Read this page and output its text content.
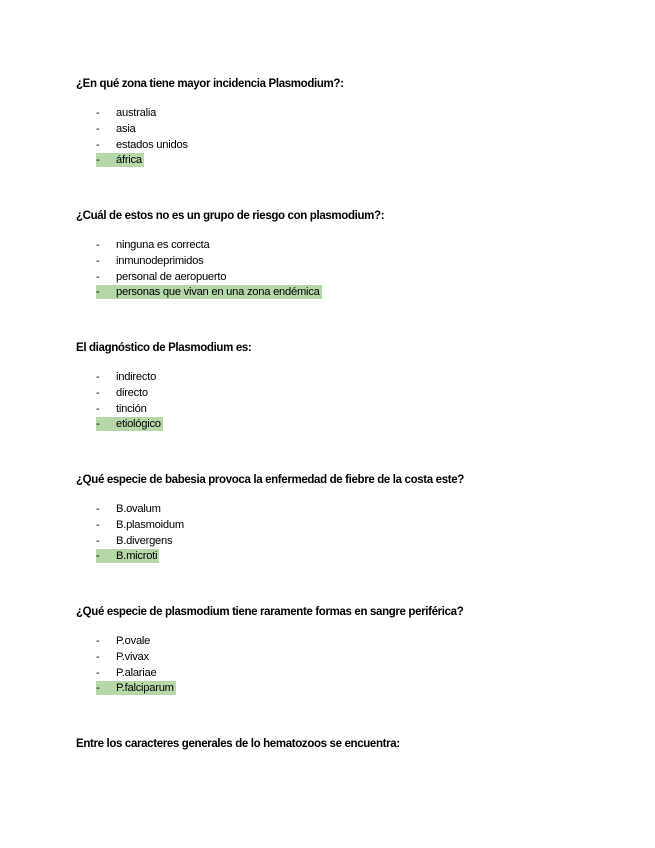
¿En qué zona tiene mayor incidencia Plasmodium?:

- australia
- asia
- estados unidos
- áfrica

¿Cuál de estos no es un grupo de riesgo con plasmodium?:

- ninguna es correcta
- inmunodeprimidos
- personal de aeropuerto
- personas que vivan en una zona endémica

El diagnóstico de Plasmodium es:

- indirecto
- directo
- tinción
- etiológico

¿Qué especie de babesia provoca la enfermedad de fiebre de la costa este?

- B.ovalum
- B.plasmoidum
- B.divergens
- B.microti

¿Qué especie de plasmodium tiene raramente formas en sangre periférica?

- P.ovale
- P.vivax
- P.alariae
- P.falciparum

Entre los caracteres generales de lo hematozoos se encuentra:
